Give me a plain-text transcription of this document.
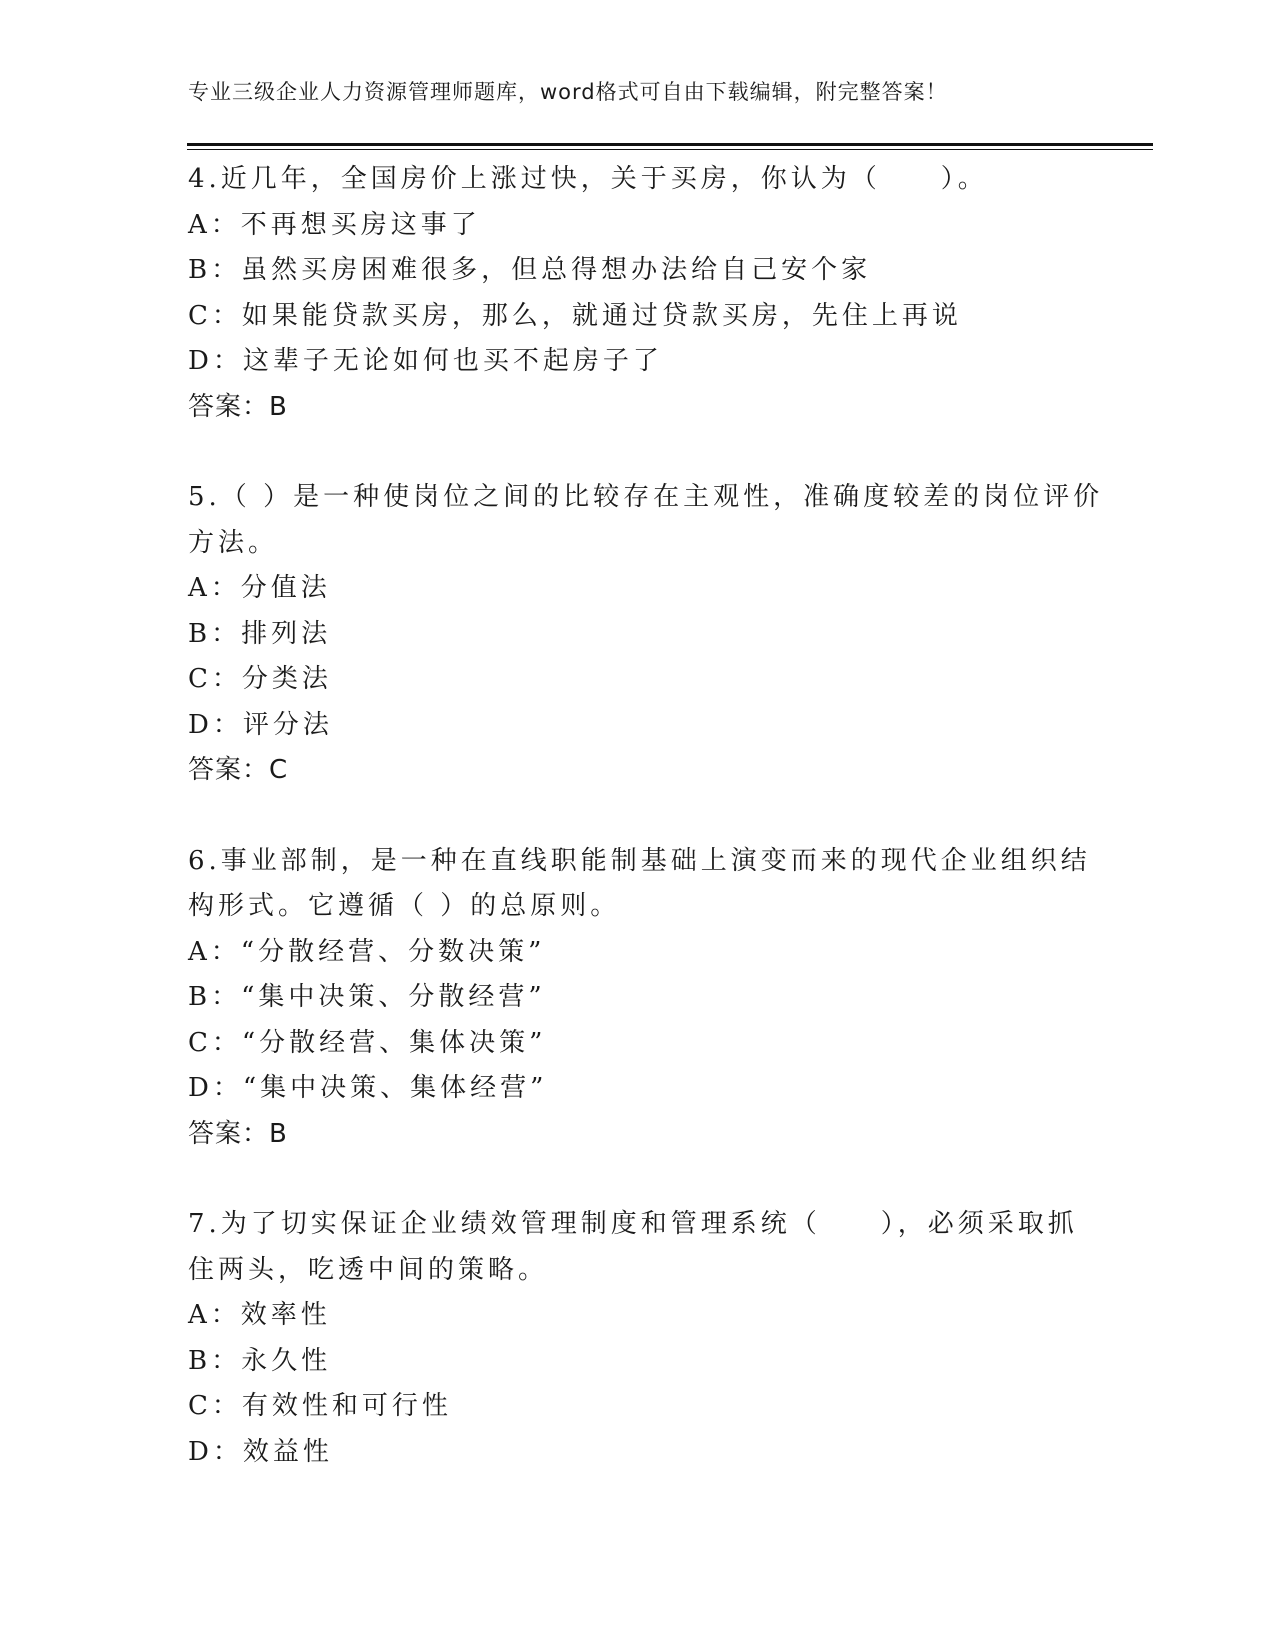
专业三级企业人力资源管理师题库，word格式可自由下载编辑，附完整答案！
4.近几年，全国房价上涨过快，关于买房，你认为（　　）。
A：不再想买房这事了
B：虽然买房困难很多，但总得想办法给自己安个家
C：如果能贷款买房，那么，就通过贷款买房，先住上再说
D：这辈子无论如何也买不起房子了
答案：B
5.（ ）是一种使岗位之间的比较存在主观性，准确度较差的岗位评价
方法。
A：分值法
B：排列法
C：分类法
D：评分法
答案：C
6.事业部制，是一种在直线职能制基础上演变而来的现代企业组织结
构形式。它遵循（ ）的总原则。
A：“分散经营、分数决策”
B：“集中决策、分散经营”
C：“分散经营、集体决策”
D：“集中决策、集体经营”
答案：B
7.为了切实保证企业绩效管理制度和管理系统（　　），必须采取抓
住两头，吃透中间的策略。
A：效率性
B：永久性
C：有效性和可行性
D：效益性
